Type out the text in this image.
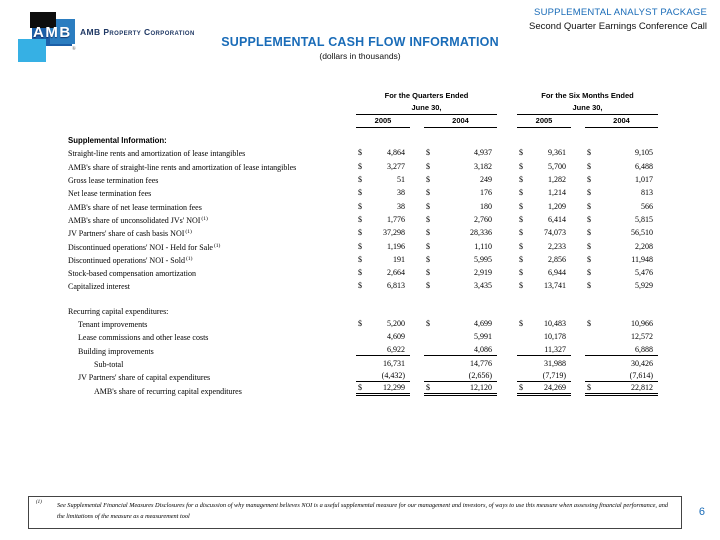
AMB
®
AMB Property Corporation
SUPPLEMENTAL ANALYST PACKAGE
Second Quarter Earnings Conference Call
SUPPLEMENTAL CASH FLOW INFORMATION
(dollars in thousands)
For the Quarters Ended	For the Six Months Ended
June 30,	June 30,
2005	2004	2005	2004
Supplemental Information:
Straight-line rents and amortization of lease intangibles	$	4,864	$	4,937	$	9,361	$	9,105
AMB's share of straight-line rents and amortization of lease intangibles	$	3,277	$	3,182	$	5,700	$	6,488
Gross lease termination fees	$	51	$	249	$	1,282	$	1,017
Net lease termination fees	$	38	$	176	$	1,214	$	813
AMB's share of net lease termination fees	$	38	$	180	$	1,209	$	566
AMB's share of unconsolidated JVs' NOI$^{(1)}$	$	1,776	$	2,760	$	6,414	$	5,815
JV Partners' share of cash basis NOI$^{(1)}$	$	37,298	$	28,336	$	74,073	$	56,510
Discontinued operations' NOI - Held for Sale$^{(1)}$	$	1,196	$	1,110	$	2,233	$	2,208
Discontinued operations' NOI - Sold$^{(1)}$	$	191	$	5,995	$	2,856	$	11,948
Stock-based compensation amortization	$	2,664	$	2,919	$	6,944	$	5,476
Capitalized interest	$	6,813	$	3,435	$	13,741	$	5,929
Recurring capital expenditures:
Tenant improvements	$	5,200	$	4,699	$	10,483	$	10,966
Lease commissions and other lease costs	4,609	5,991	10,178	12,572
Building improvements	6,922	4,086	11,327	6,888
Sub-total	16,731	14,776	31,988	30,426
JV Partners' share of capital expenditures	(4,432)	(2,656)	(7,719)	(7,614)
AMB's share of recurring capital expenditures	$	12,299	$	12,120	$	24,269	$	22,812
(1) See Supplemental Financial Measures Disclosures for a discussion of why management believes NOI is a useful supplemental measure for our management and investors, of ways to use this measure when assessing financial performance, and the limitations of the measure as a measurement tool	6
